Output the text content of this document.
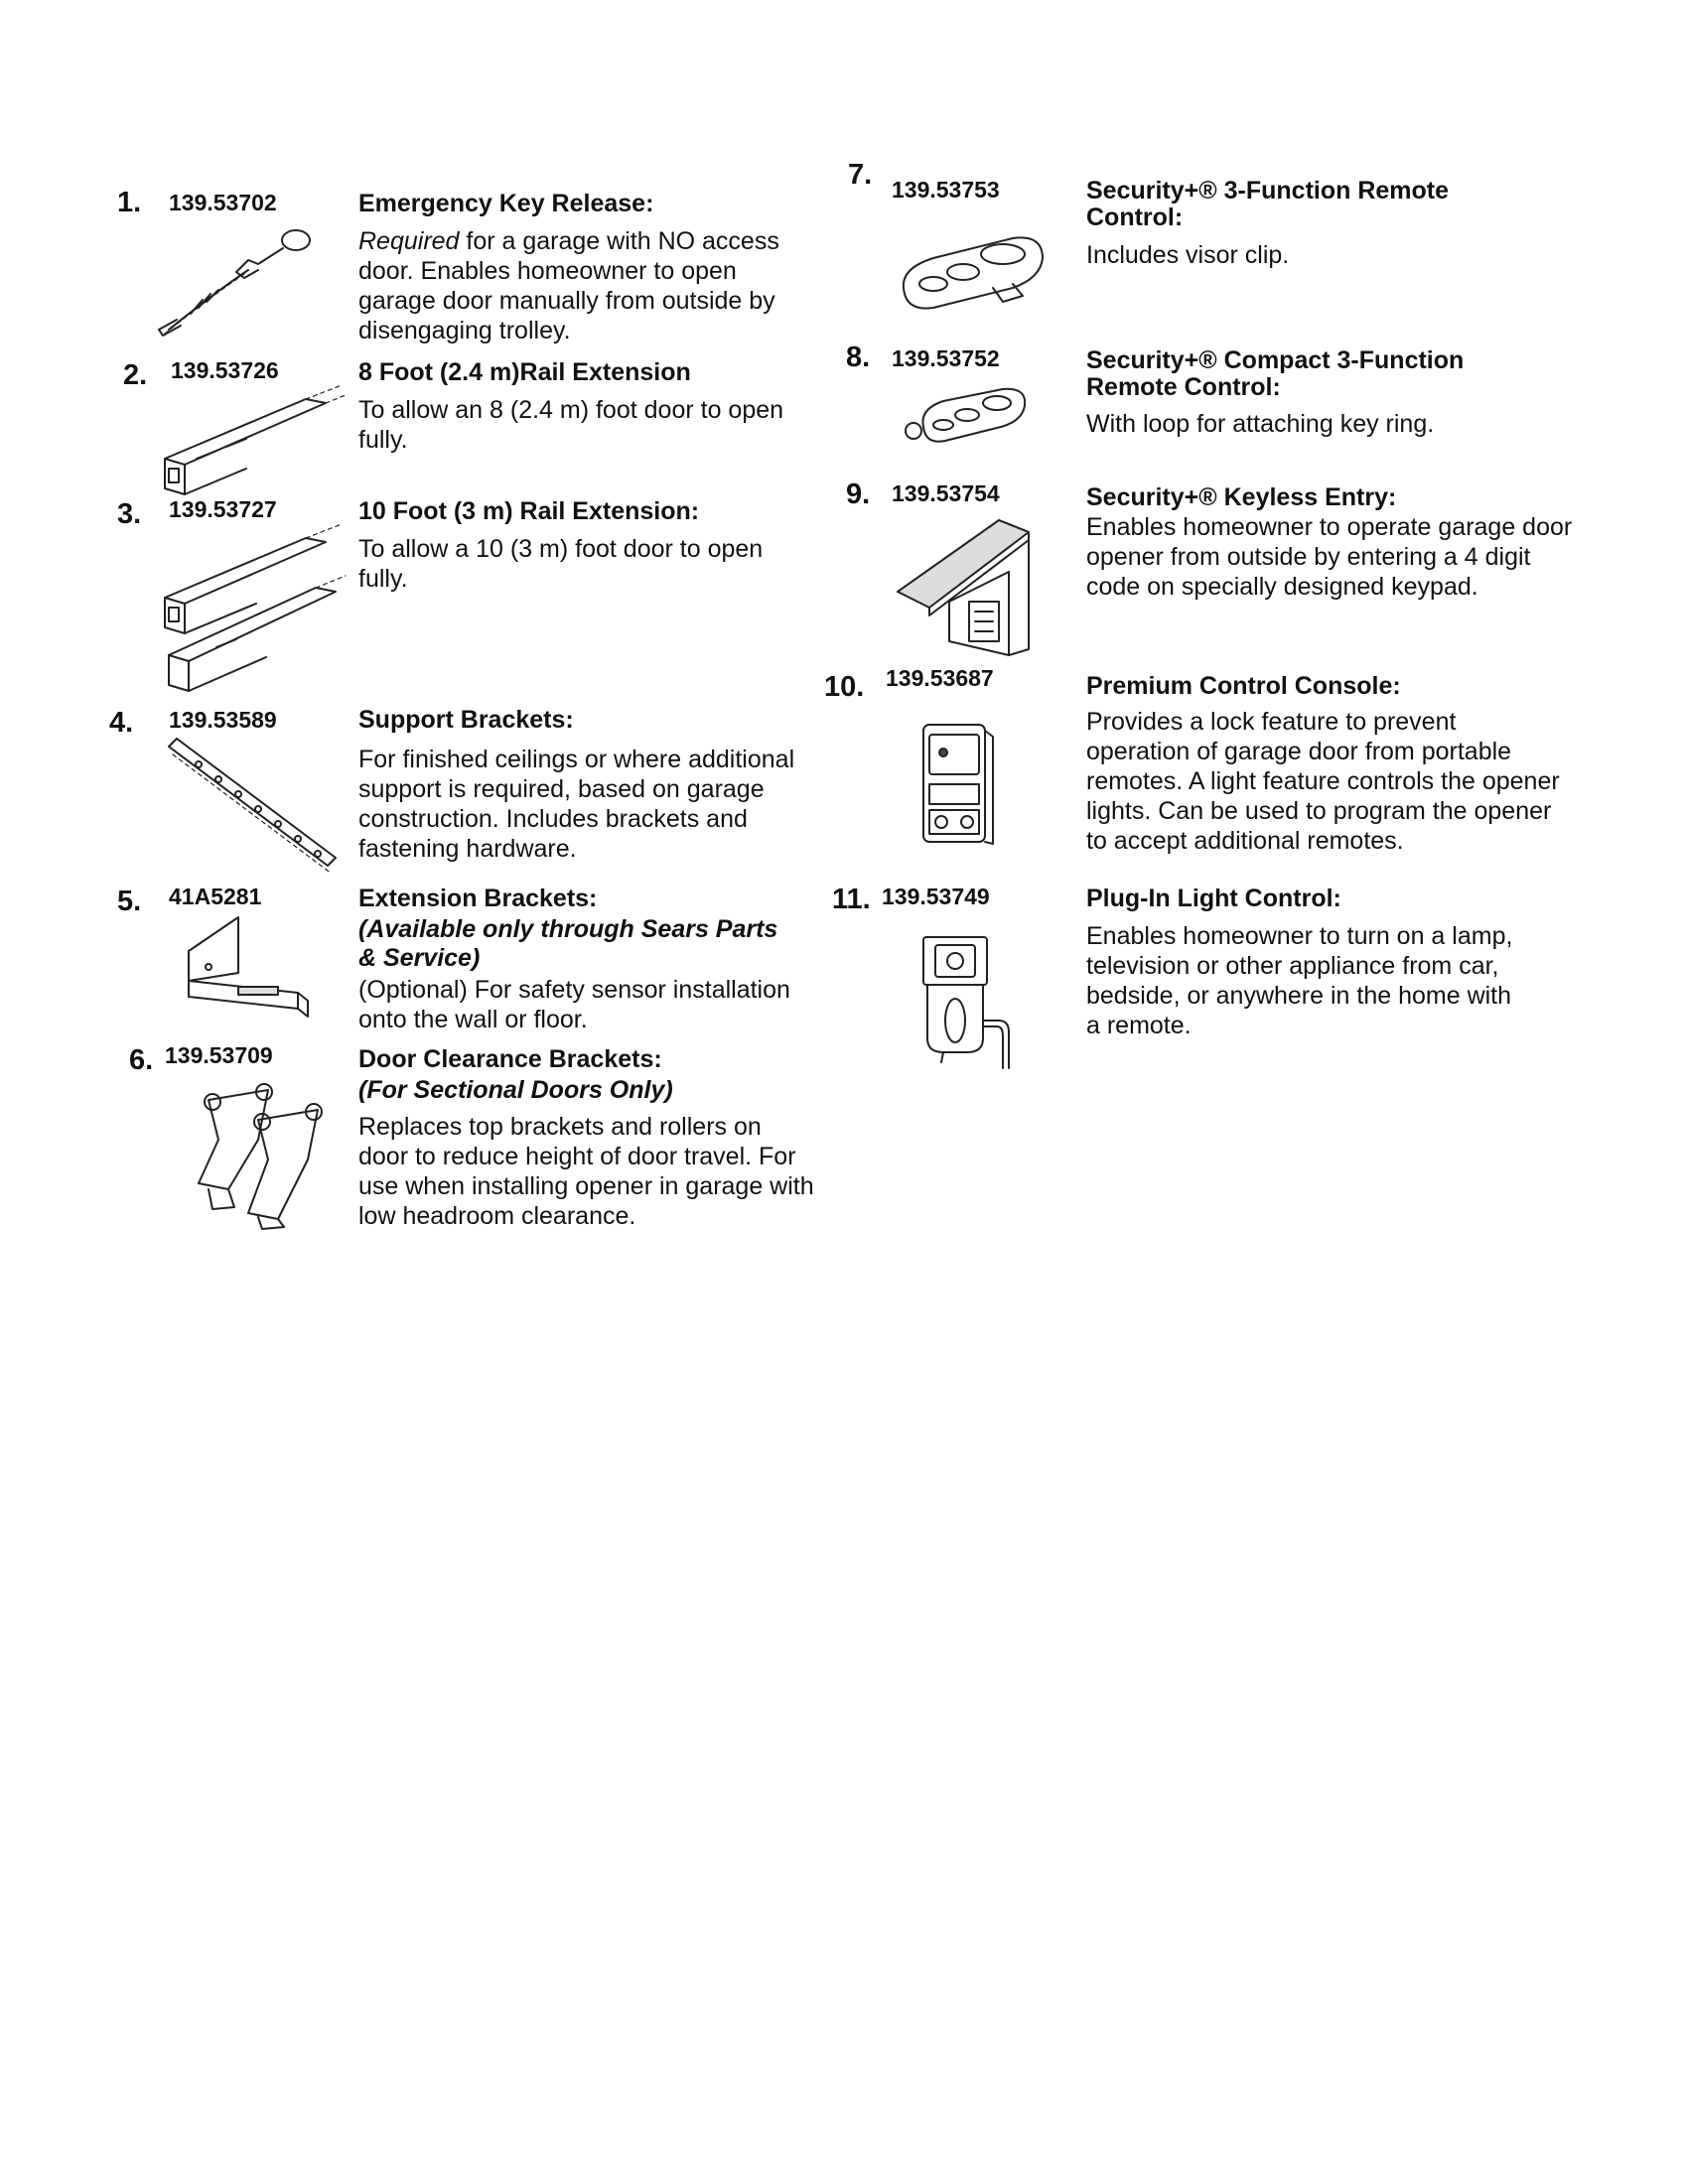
1. 139.53702	Emergency Key Release:
Required for a garage with NO access door. Enables homeowner to open garage door manually from outside by disengaging trolley.
2. 139.53726	8 Foot (2.4 m)Rail Extension
To allow an 8 (2.4 m) foot door to open fully.
3. 139.53727	10 Foot (3 m) Rail Extension:
To allow a 10 (3 m) foot door to open fully.
4. 139.53589	Support Brackets:
For finished ceilings or where additional support is required, based on garage construction. Includes brackets and fastening hardware.
5. 41A5281	Extension Brackets:
(Available only through Sears Parts & Service)
(Optional) For safety sensor installation onto the wall or floor.
6. 139.53709	Door Clearance Brackets:
(For Sectional Doors Only)
Replaces top brackets and rollers on door to reduce height of door travel. For use when installing opener in garage with low headroom clearance.
7. 139.53753	Security+® 3-Function Remote Control:
Includes visor clip.
8. 139.53752	Security+® Compact 3-Function Remote Control:
With loop for attaching key ring.
9. 139.53754	Security+® Keyless Entry:
Enables homeowner to operate garage door opener from outside by entering a 4 digit code on specially designed keypad.
10. 139.53687	Premium Control Console:
Provides a lock feature to prevent operation of garage door from portable remotes. A light feature controls the opener lights. Can be used to program the opener to accept additional remotes.
11. 139.53749	Plug-In Light Control:
Enables homeowner to turn on a lamp, television or other appliance from car, bedside, or anywhere in the home with a remote.
